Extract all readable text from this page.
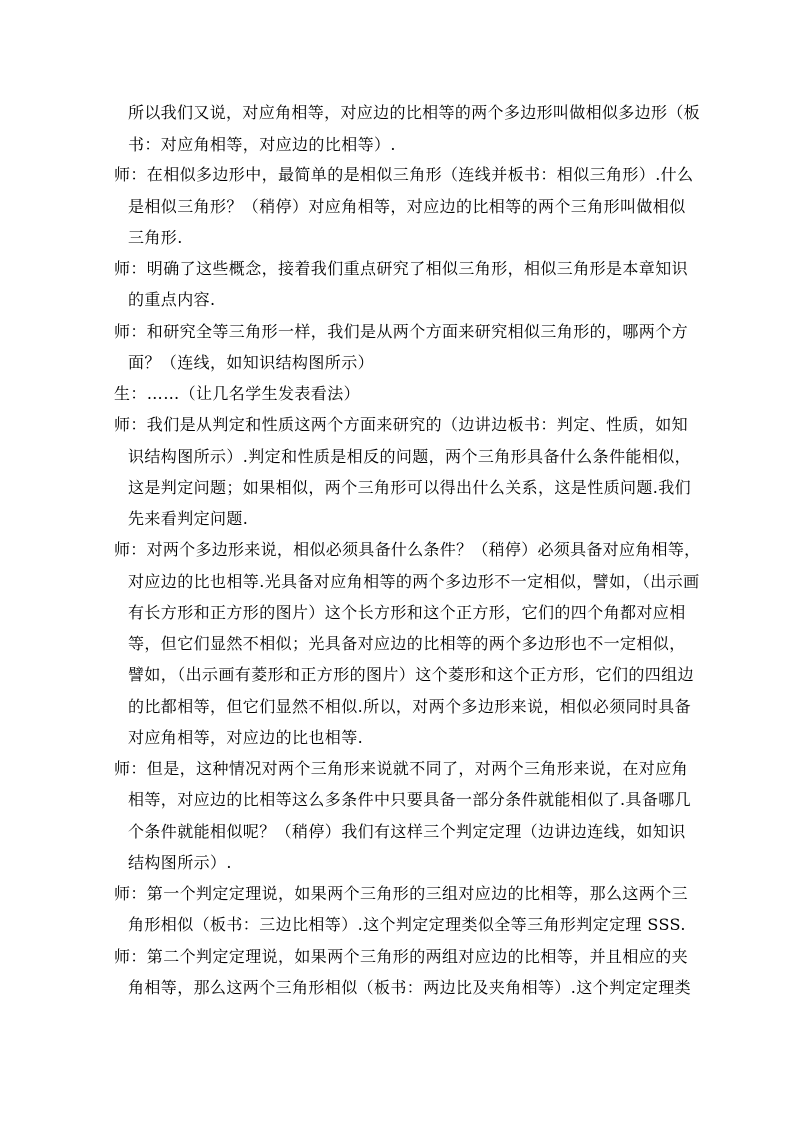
所以我们又说，对应角相等，对应边的比相等的两个多边形叫做相似多边形（板
书：对应角相等，对应边的比相等）.
师：在相似多边形中，最简单的是相似三角形（连线并板书：相似三角形）.什么
是相似三角形？（稍停）对应角相等，对应边的比相等的两个三角形叫做相似
三角形.
师：明确了这些概念，接着我们重点研究了相似三角形，相似三角形是本章知识
的重点内容.
师：和研究全等三角形一样，我们是从两个方面来研究相似三角形的，哪两个方
面？（连线，如知识结构图所示）
生：……（让几名学生发表看法）
师：我们是从判定和性质这两个方面来研究的（边讲边板书：判定、性质，如知
识结构图所示）.判定和性质是相反的问题，两个三角形具备什么条件能相似，
这是判定问题；如果相似，两个三角形可以得出什么关系，这是性质问题.我们
先来看判定问题.
师：对两个多边形来说，相似必须具备什么条件？（稍停）必须具备对应角相等，
对应边的比也相等.光具备对应角相等的两个多边形不一定相似，譬如，（出示画
有长方形和正方形的图片）这个长方形和这个正方形，它们的四个角都对应相
等，但它们显然不相似；光具备对应边的比相等的两个多边形也不一定相似，
譬如，（出示画有菱形和正方形的图片）这个菱形和这个正方形，它们的四组边
的比都相等，但它们显然不相似.所以，对两个多边形来说，相似必须同时具备
对应角相等，对应边的比也相等.
师：但是，这种情况对两个三角形来说就不同了，对两个三角形来说，在对应角
相等，对应边的比相等这么多条件中只要具备一部分条件就能相似了.具备哪几
个条件就能相似呢？（稍停）我们有这样三个判定定理（边讲边连线，如知识
结构图所示）.
师：第一个判定定理说，如果两个三角形的三组对应边的比相等，那么这两个三
角形相似（板书：三边比相等）.这个判定定理类似全等三角形判定定理 SSS.
师：第二个判定定理说，如果两个三角形的两组对应边的比相等，并且相应的夹
角相等，那么这两个三角形相似（板书：两边比及夹角相等）.这个判定定理类
